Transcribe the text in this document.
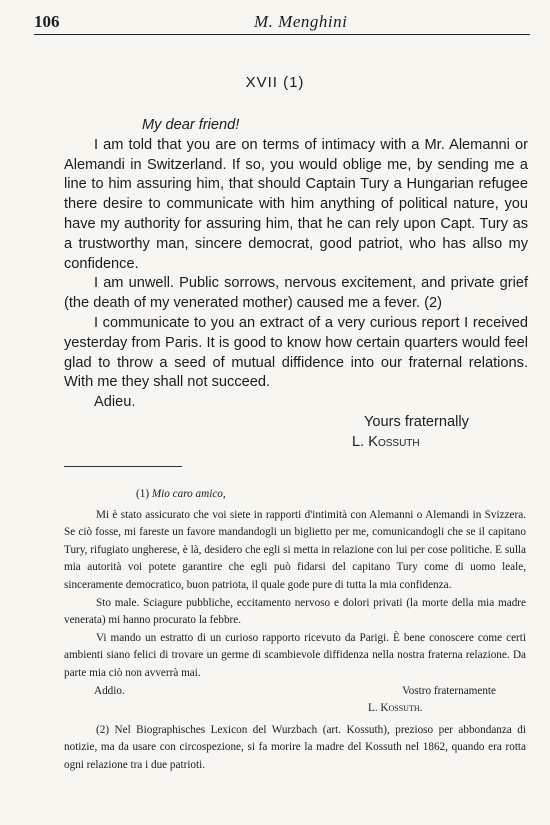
106	M. Menghini
XVII (1)

My dear friend!

I am told that you are on terms of intimacy with a Mr. Alemanni or Alemandi in Switzerland. If so, you would oblige me, by sending me a line to him assuring him, that should Captain Tury a Hungarian refugee there desire to communicate with him anything of political nature, you have my authority for assuring him, that he can rely upon Capt. Tury as a trustworthy man, sincere democrat, good patriot, who has allso my confidence.

I am unwell. Public sorrows, nervous excitement, and private grief (the death of my venerated mother) caused me a fever. (2)

I communicate to you an extract of a very curious report I received yesterday from Paris. It is good to know how certain quarters would feel glad to throw a seed of mutual diffidence into our fraternal relations. With me they shall not succeed.

Adieu.

Yours fraternally

L. Kossuth

(1) Mio caro amico,

Mi è stato assicurato che voi siete in rapporti d'intimità con Alemanni o Alemandi in Svizzera. Se ciò fosse, mi fareste un favore mandandogli un biglietto per me, comunicandogli che se il capitano Tury, rifugiato ungherese, è là, desidero che egli si metta in relazione con lui per cose politiche. E sulla mia autorità voi potete garantire che egli può fidarsi del capitano Tury come di uomo leale, sinceramente democratico, buon patriota, il quale gode pure di tutta la mia confidenza.

Sto male. Sciagure pubbliche, eccitamento nervoso e dolori privati (la morte della mia madre venerata) mi hanno procurato la febbre.

Vi mando un estratto di un curioso rapporto ricevuto da Parigi. È bene conoscere come certi ambienti siano felici di trovare un germe di scambievole diffidenza nella nostra fraterna relazione. Da parte mia ciò non avverrà mai.

Addio.	Vostro fraternamente

L. Kossuth.

(2) Nel Biographisches Lexicon del Wurzbach (art. Kossuth), prezioso per abbondanza di notizie, ma da usare con circospezione, si fa morire la madre del Kossuth nel 1862, quando era rotta ogni relazione tra i due patrioti.
